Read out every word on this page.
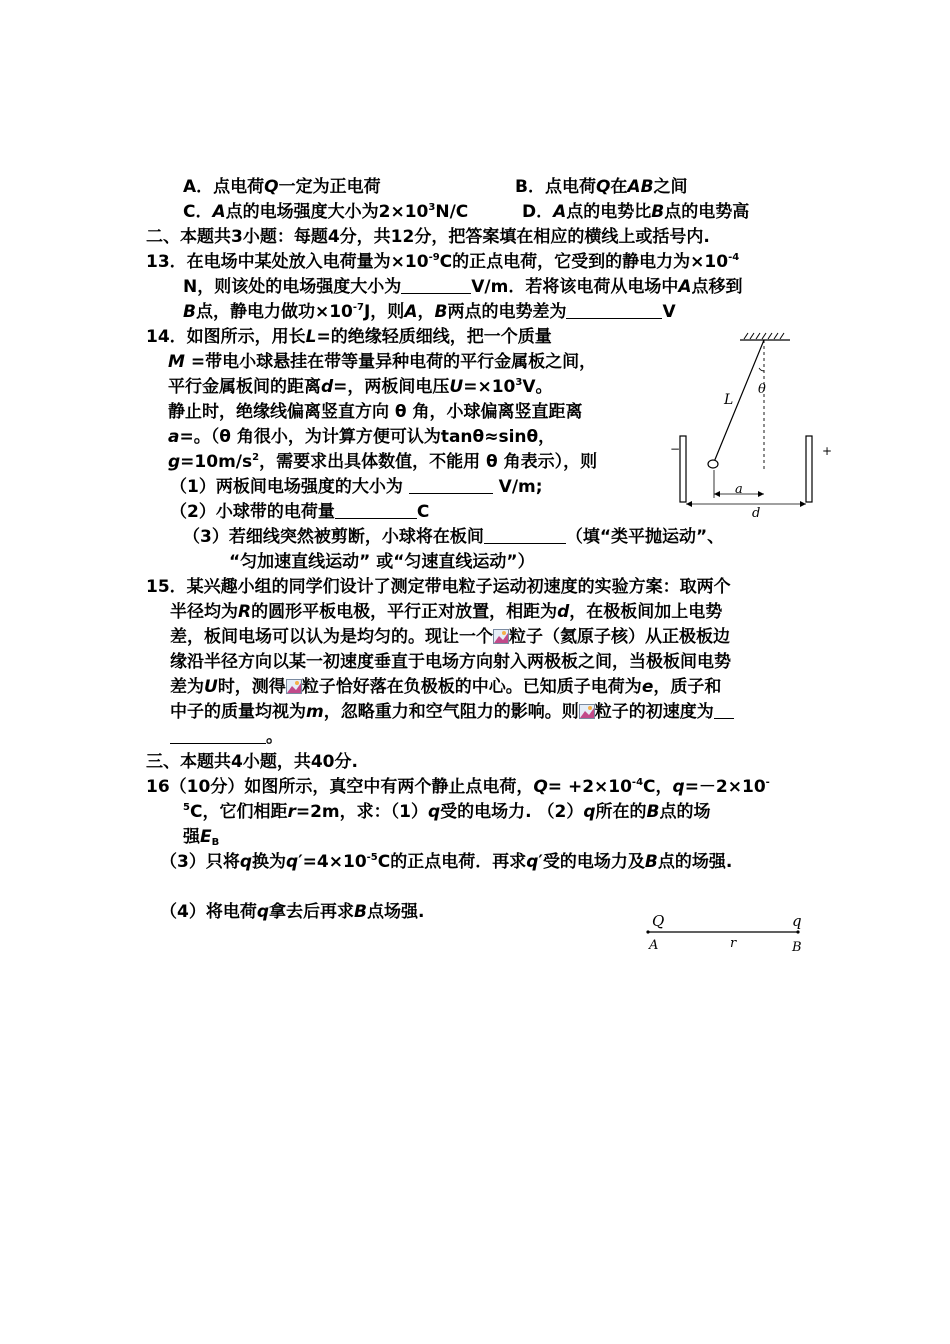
A．点电荷Q一定为正电荷	B．点电荷Q在AB之间
C．A点的电场强度大小为$2\times 10^3N/C$	D．A点的电势比B点的电势高
二、本题共3小题：每题4分，共12分，把答案填在相应的横线上或括号内.
13．在电场中某处放入电荷量为$\times 10^{-9}C$的正点电荷，它受到的静电力为$\times 10^{-4}$
N，则该处的电场强度大小为	V/m．若将该电荷从电场中A点移到
B点，静电力做功$\times 10^{-7}J$，则A，B两点的电势差为	V
14．如图所示，用长L=的绝缘轻质细线，把一个质量
M =带电小球悬挂在带等量异种电荷的平行金属板之间，
平行金属板间的距离d=，两板间电压$U=\times 10^3V$。
静止时，绝缘线偏离竖直方向 θ 角，小球偏离竖直距离
a=。（θ 角很小，为计算方便可认为tanθ≈sinθ，
$g=10m/s^2$，需要求出具体数值，不能用 θ 角表示），则
（1）两板间电场强度的大小为	V/m;
（2）小球带的电荷量	C
（3）若细线突然被剪断，小球将在板间	（填“类平抛运动”、
“匀加速直线运动” 或“匀速直线运动”）
θ
L
−	+
a
d
15．某兴趣小组的同学们设计了测定带电粒子运动初速度的实验方案：取两个
半径均为R的圆形平板电极，平行正对放置，相距为d，在极板间加上电势
差，板间电场可以认为是均匀的。现让一个 粒子（氦原子核）从正极板边
缘沿半径方向以某一初速度垂直于电场方向射入两极板之间，当极板间电势
差为U时，测得 粒子恰好落在负极板的中心。已知质子电荷为e，质子和
中子的质量均视为m，忽略重力和空气阻力的影响。则 粒子的初速度为
。
三、本题共4小题，共40分.
16（10分）如图所示，真空中有两个静止点电荷，$Q= +2\times 10^{-4}C$，q=－2×10-
$^5$C，它们相距r=2m，求：（1）q受的电场力. （2）q所在的B点的场
强$E_B$
（3）只将q换为$q'=4\times 10^{-5}C$的正点电荷．再求q′受的电场力及B点的场强.
（4）将电荷q拿去后再求B点场强.	Q	q
A	r	B
